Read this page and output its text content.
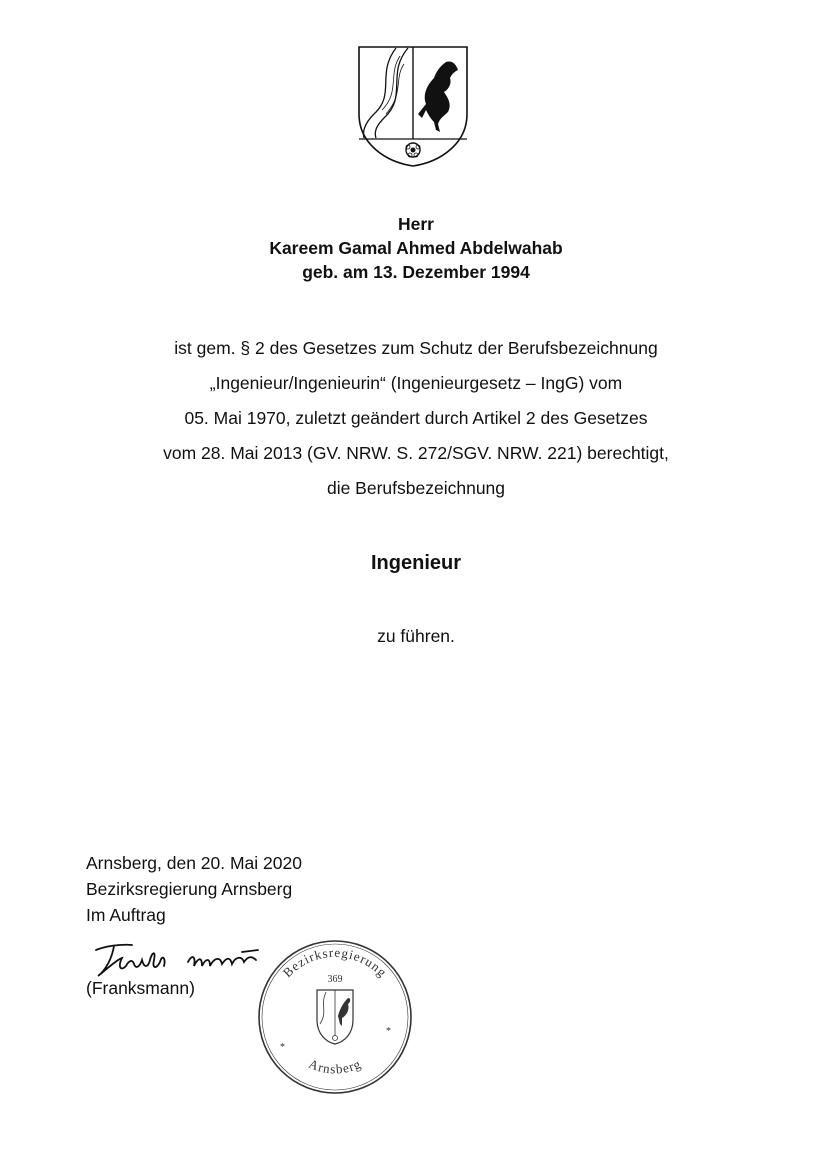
Herr
Kareem Gamal Ahmed Abdelwahab
geb. am 13. Dezember 1994
ist gem. § 2 des Gesetzes zum Schutz der Berufsbezeichnung
„Ingenieur/Ingenieurin“ (Ingenieurgesetz – IngG) vom
05. Mai 1970, zuletzt geändert durch Artikel 2 des Gesetzes
vom 28. Mai 2013 (GV. NRW. S. 272/SGV. NRW. 221) berechtigt,
die Berufsbezeichnung
Ingenieur
zu führen.
Arnsberg, den 20. Mai 2020
Bezirksregierung Arnsberg
Im Auftrag
(Franksmann)	369
*
*
Bezirksregierung
Arnsberg
